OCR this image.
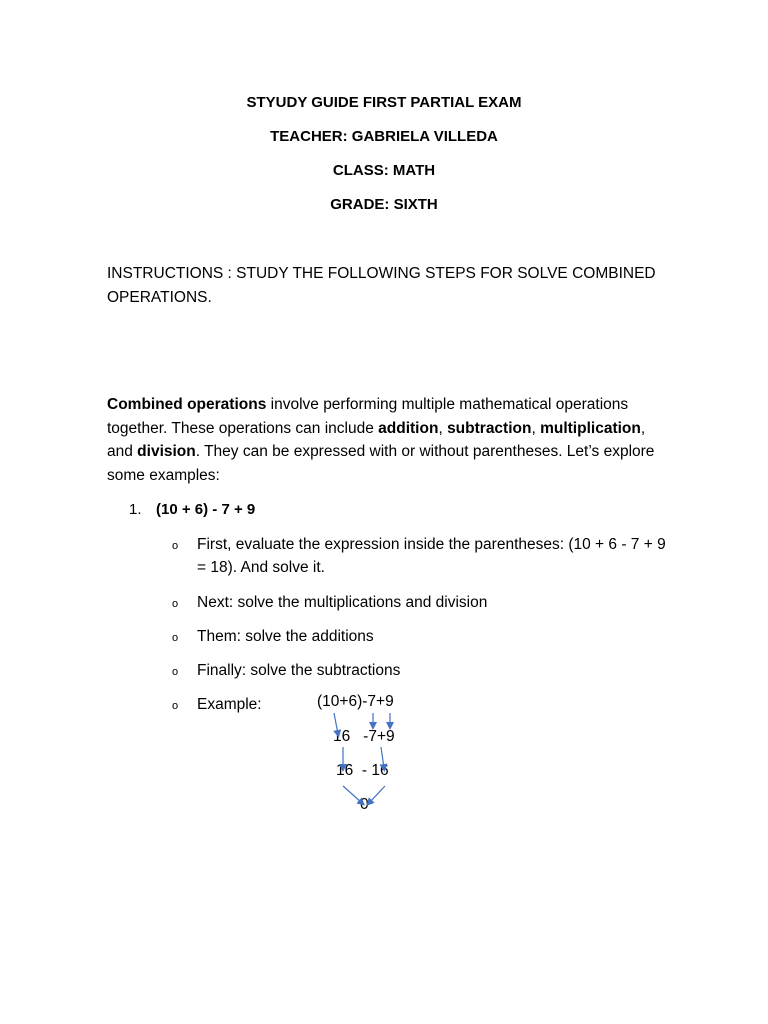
STYUDY GUIDE FIRST PARTIAL EXAM
TEACHER: GABRIELA VILLEDA
CLASS: MATH
GRADE: SIXTH
INSTRUCTIONS : STUDY THE FOLLOWING STEPS FOR SOLVE COMBINED OPERATIONS.
Combined operations involve performing multiple mathematical operations together. These operations can include addition, subtraction, multiplication, and division. They can be expressed with or without parentheses. Let’s explore some examples:
1. (10 + 6) - 7 + 9
o First, evaluate the expression inside the parentheses: (10 + 6 - 7 + 9 = 18). And solve it.
o Next: solve the multiplications and division
o Them: solve the additions
o Finally: solve the subtractions
o Example:	(10+6)-7+9
16   -7+9
16  - 16
0
